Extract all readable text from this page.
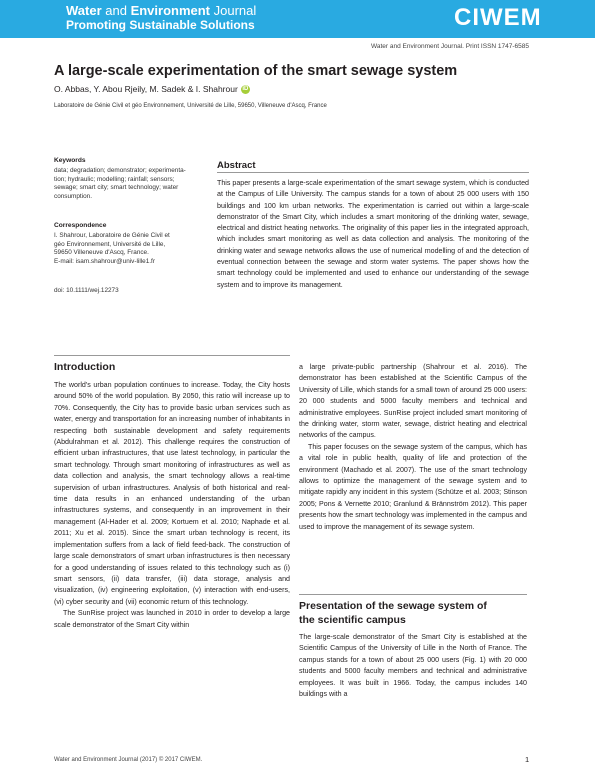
Water and Environment Journal
Promoting Sustainable Solutions	CIWEM
Water and Environment Journal. Print ISSN 1747-6585
A large-scale experimentation of the smart sewage system
O. Abbas, Y. Abou Rjeily, M. Sadek & I. Shahrour iD
Laboratoire de Génie Civil et géo Environnement, Université de Lille, 59650, Villeneuve d'Ascq, France
Keywords

data; degradation; demonstrator; experimenta-

tion; hydraulic; modelling; rainfall; sensors;

sewage; smart city; smart technology; water

consumption.

Correspondence

I. Shahrour, Laboratoire de Génie Civil et

géo Environnement, Université de Lille,

59650 Villeneuve d'Ascq, France.

E-mail: isam.shahrour@univ-lille1.fr

doi: 10.1111/wej.12273

Abstract

This paper presents a large-scale experimentation of the smart sewage system, which is conducted at the Campus of Lille University. The campus stands for a town of about 25 000 users with 150 buildings and 100 km urban networks. The experimentation is carried out within a large-scale demonstrator of the Smart City, which includes a smart monitoring of the drinking water, sewage, electrical and district heating networks. The originality of this paper lies in the integrated approach, which includes smart monitoring as well as data collection and analysis. The monitoring of the drinking water and sewage networks allows the use of numerical modelling of and the detection of eventual connection between the sewage and storm water systems. The paper shows how the smart technology could be implemented and used to enhance our understanding of the sewage system and to improve its management.

Introduction

The world's urban population continues to increase. Today, the City hosts around 50% of the world population. By 2050, this ratio will increase up to 70%. Consequently, the City has to provide basic urban services such as water, energy and transportation for an increasing number of inhabitants in respecting both sustainable development and safety requirements (Abdulrahman et al. 2012). This challenge requires the construction of efficient urban infrastructures, that use latest technology, in particular the smart technology. Through smart monitoring of infrastructures as well as data collection and analysis, the smart technology allows a real-time supervision of urban infrastructures. Analysis of both historical and real-time data results in an enhanced understanding of the urban infrastructures systems, and consequently in an improvement in their management (Al-Hader et al. 2009; Kortuem et al. 2010; Naphade et al. 2011; Xu et al. 2015). Since the smart urban technology is recent, its implementation suffers from a lack of field feed-back. The construction of large scale demonstrators of smart urban infrastructures is then necessary for a good understanding of issues related to this technology such as (i) smart sensors, (ii) data transfer, (iii) data storage, analysis and visualization, (iv) engineering exploitation, (v) interaction with end-users, (vi) cyber security and (vii) economic return of this technology.

The SunRise project was launched in 2010 in order to develop a large scale demonstrator of the Smart City within

a large private-public partnership (Shahrour et al. 2016). The demonstrator has been established at the Scientific Campus of the University of Lille, which stands for a small town of around 25 000 users: 20 000 students and 5000 faculty members and technical and administrative employees. SunRise project included smart monitoring of the drinking water, storm water, sewage, district heating and electrical networks of the campus.

This paper focuses on the sewage system of the campus, which has a vital role in public health, quality of life and protection of the environment (Machado et al. 2007). The use of the smart technology allows to optimize the management of the sewage system and to mitigate rapidly any incident in this system (Schütze et al. 2003; Stinson 2005; Pons & Vernette 2010; Granlund & Brännström 2012). This paper presents how the smart technology was implemented in the campus and used to improve the management of its sewage system.

Presentation of the sewage system of
the scientific campus

The large-scale demonstrator of the Smart City is established at the Scientific Campus of the University of Lille in the North of France. The campus stands for a town of about 25 000 users (Fig. 1) with 20 000 students and 5000 faculty members and technical and administrative employees. It was built in 1966. Today, the campus includes 140 buildings with a

Water and Environment Journal (2017) © 2017 CIWEM.	1
